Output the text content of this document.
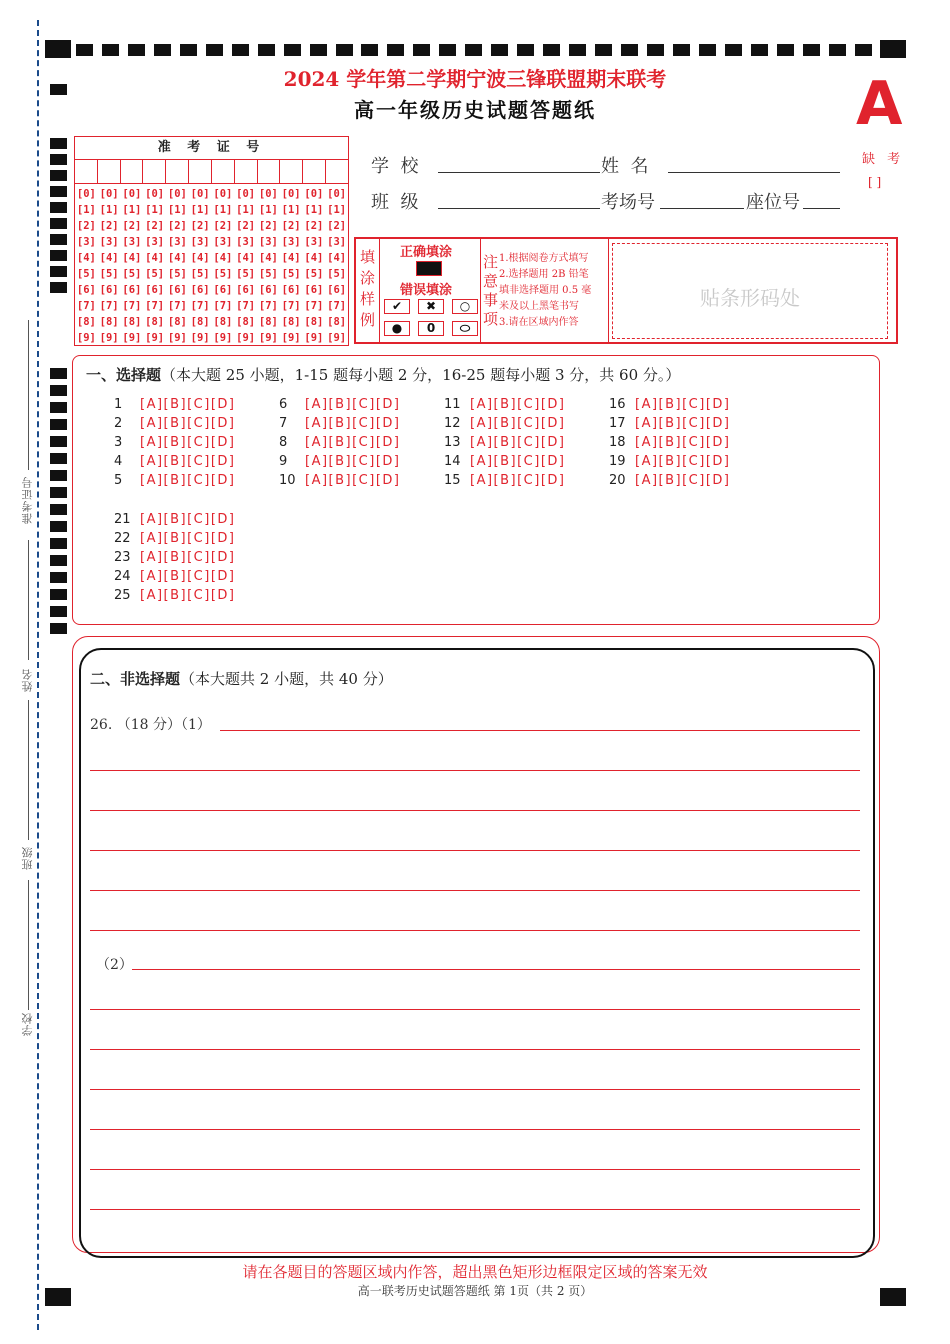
学校
班级
姓名
准考证号
2024 学年第二学期宁波三锋联盟期末联考
高一年级历史试题答题纸	A
缺 考
[ ]
准 考 证 号
[0] [0] [0] [0] [0] [0] [0] [0] [0] [0] [0] [0]
[1] [1] [1] [1] [1] [1] [1] [1] [1] [1] [1] [1]
[2] [2] [2] [2] [2] [2] [2] [2] [2] [2] [2] [2]
[3] [3] [3] [3] [3] [3] [3] [3] [3] [3] [3] [3]
[4] [4] [4] [4] [4] [4] [4] [4] [4] [4] [4] [4]
[5] [5] [5] [5] [5] [5] [5] [5] [5] [5] [5] [5]
[6] [6] [6] [6] [6] [6] [6] [6] [6] [6] [6] [6]
[7] [7] [7] [7] [7] [7] [7] [7] [7] [7] [7] [7]
[8] [8] [8] [8] [8] [8] [8] [8] [8] [8] [8] [8]
[9] [9] [9] [9] [9] [9] [9] [9] [9] [9] [9] [9]
学  校	姓  名
班  级	考场号	座位号
填
涂
样
例
正确填涂
错误填涂
✔	✖	○
●	0	⬭
注
意
事
项
1.根据阅卷方式填写
2.选择题用 2B 铅笔
填非选择题用 0.5 毫
米及以上黑笔书写
3.请在区域内作答
贴条形码处
一、选择题（本大题 25 小题，1-15 题每小题 2 分，16-25 题每小题 3 分，共 60 分。）
1 [A][B][C][D]
2 [A][B][C][D]
3 [A][B][C][D]
4 [A][B][C][D]
5 [A][B][C][D]
6 [A][B][C][D]
7 [A][B][C][D]
8 [A][B][C][D]
9 [A][B][C][D]
10 [A][B][C][D]
11 [A][B][C][D]
12 [A][B][C][D]
13 [A][B][C][D]
14 [A][B][C][D]
15 [A][B][C][D]
16 [A][B][C][D]
17 [A][B][C][D]
18 [A][B][C][D]
19 [A][B][C][D]
20 [A][B][C][D]
21 [A][B][C][D]
22 [A][B][C][D]
23 [A][B][C][D]
24 [A][B][C][D]
25 [A][B][C][D]
二、非选择题（本大题共 2 小题，共 40 分）
26. （18 分）（1）
（2）
请在各题目的答题区域内作答，超出黑色矩形边框限定区域的答案无效
高一联考历史试题答题纸 第 1页（共 2 页）
